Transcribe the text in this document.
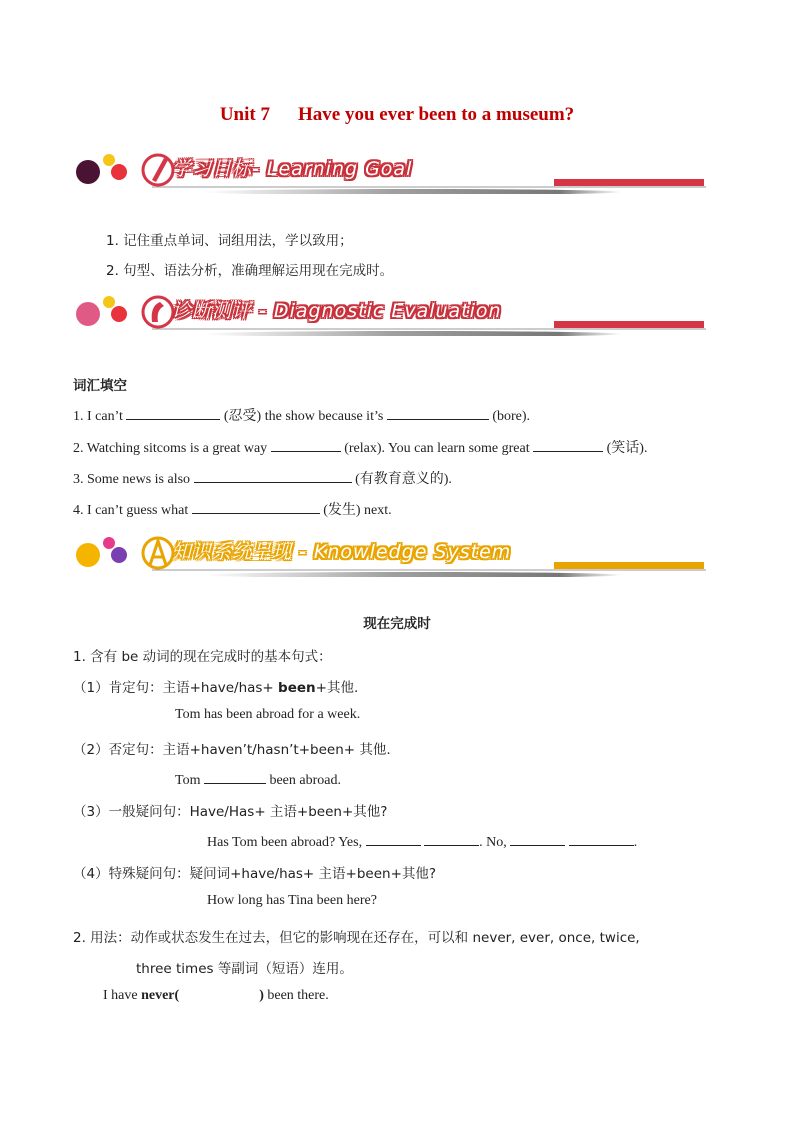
Unit 7 Have you ever been to a museum?
学习目标- Learning Goal
1. 记住重点单词、词组用法，学以致用；
2. 句型、语法分析，准确理解运用现在完成时。
诊断测评 - Diagnostic Evaluation
词汇填空
1. I can’t	(忍受) the show because it’s	(bore).
2. Watching sitcoms is a great way	(relax). You can learn some great	(笑话).
3. Some news is also	(有教育意义的).
4. I can’t guess what	(发生) next.
知识系统呈现 - Knowledge System
现在完成时
1. 含有 be 动词的现在完成时的基本句式：
（1）肯定句：主语+have/has+ been+其他.
Tom has been abroad for a week.
（2）否定句：主语+haven’t/hasn’t+been+ 其他.
Tom	been abroad.
（3）一般疑问句：Have/Has+ 主语+been+其他?
Has Tom been abroad? Yes,	. No,	.
（4）特殊疑问句：疑问词+have/has+ 主语+been+其他?
How long has Tina been here?
2. 用法：动作或状态发生在过去，但它的影响现在还存在，可以和 never, ever, once, twice,
three times 等副词（短语）连用。
I have never(	) been there.
